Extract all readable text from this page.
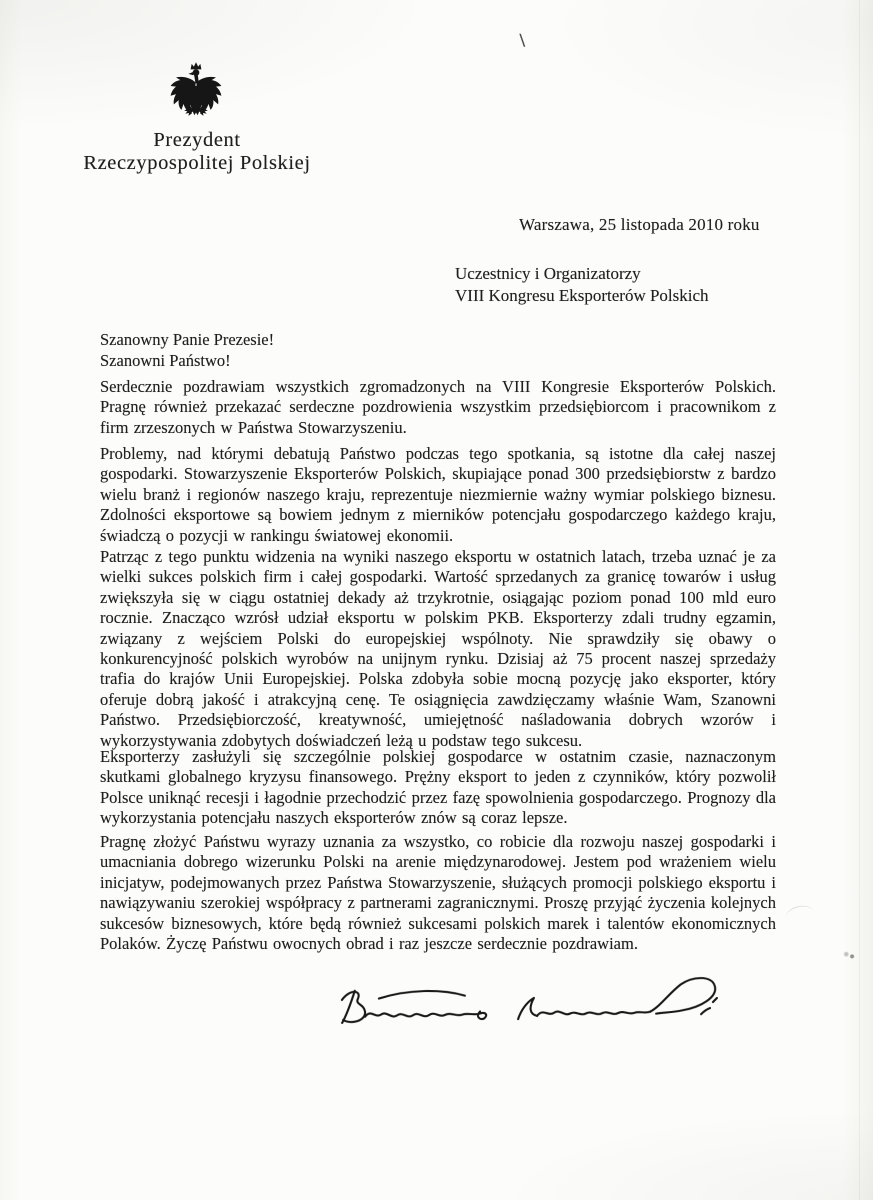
\
Prezydent
Rzeczypospolitej Polskiej
Warszawa, 25 listopada 2010 roku
Uczestnicy i Organizatorzy
VIII Kongresu Eksporterów Polskich
Szanowny Panie Prezesie!
Szanowni Państwo!

Serdecznie pozdrawiam wszystkich zgromadzonych na VIII Kongresie Eksporterów Polskich. Pragnę również przekazać serdeczne pozdrowienia wszystkim przedsiębiorcom i pracownikom z firm zrzeszonych w Państwa Stowarzyszeniu.

Problemy, nad którymi debatują Państwo podczas tego spotkania, są istotne dla całej naszej gospodarki. Stowarzyszenie Eksporterów Polskich, skupiające ponad 300 przedsiębiorstw z bardzo wielu branż i regionów naszego kraju, reprezentuje niezmiernie ważny wymiar polskiego biznesu. Zdolności eksportowe są bowiem jednym z mierników potencjału gospodarczego każdego kraju, świadczą o pozycji w rankingu światowej ekonomii.

Patrząc z tego punktu widzenia na wyniki naszego eksportu w ostatnich latach, trzeba uznać je za wielki sukces polskich firm i całej gospodarki. Wartość sprzedanych za granicę towarów i usług zwiększyła się w ciągu ostatniej dekady aż trzykrotnie, osiągając poziom ponad 100 mld euro rocznie. Znacząco wzrósł udział eksportu w polskim PKB. Eksporterzy zdali trudny egzamin, związany z wejściem Polski do europejskiej wspólnoty. Nie sprawdziły się obawy o konkurencyjność polskich wyrobów na unijnym rynku. Dzisiaj aż 75 procent naszej sprzedaży trafia do krajów Unii Europejskiej. Polska zdobyła sobie mocną pozycję jako eksporter, który oferuje dobrą jakość i atrakcyjną cenę. Te osiągnięcia zawdzięczamy właśnie Wam, Szanowni Państwo. Przedsiębiorczość, kreatywność, umiejętność naśladowania dobrych wzorów i wykorzystywania zdobytych doświadczeń leżą u podstaw tego sukcesu.

Eksporterzy zasłużyli się szczególnie polskiej gospodarce w ostatnim czasie, naznaczonym skutkami globalnego kryzysu finansowego. Prężny eksport to jeden z czynników, który pozwolił Polsce uniknąć recesji i łagodnie przechodzić przez fazę spowolnienia gospodarczego. Prognozy dla wykorzystania potencjału naszych eksporterów znów są coraz lepsze.

Pragnę złożyć Państwu wyrazy uznania za wszystko, co robicie dla rozwoju naszej gospodarki i umacniania dobrego wizerunku Polski na arenie międzynarodowej. Jestem pod wrażeniem wielu inicjatyw, podejmowanych przez Państwa Stowarzyszenie, służących promocji polskiego eksportu i nawiązywaniu szerokiej współpracy z partnerami zagranicznymi. Proszę przyjąć życzenia kolejnych sukcesów biznesowych, które będą również sukcesami polskich marek i talentów ekonomicznych Polaków. Życzę Państwu owocnych obrad i raz jeszcze serdecznie pozdrawiam.
